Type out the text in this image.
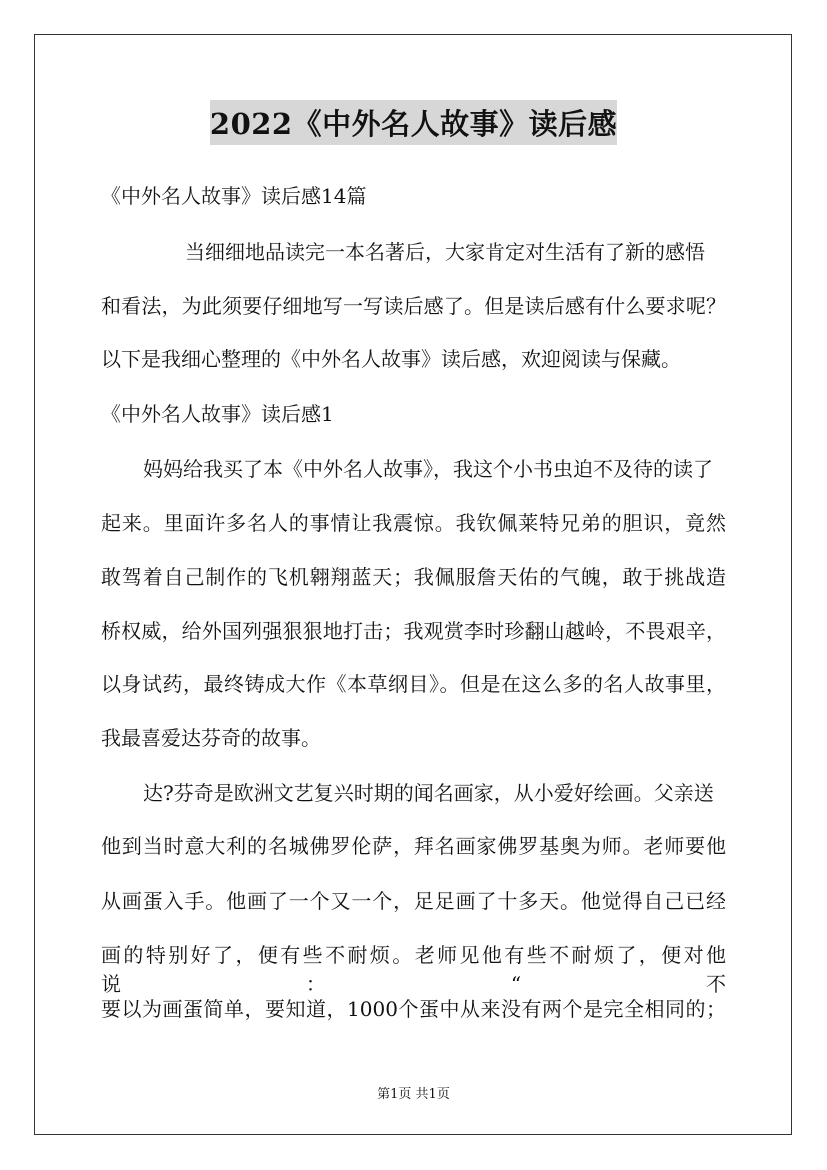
2022《中外名人故事》读后感
《中外名人故事》读后感14篇
当细细地品读完一本名著后，大家肯定对生活有了新的感悟
和看法，为此须要仔细地写一写读后感了。但是读后感有什么要求呢？
以下是我细心整理的《中外名人故事》读后感，欢迎阅读与保藏。
《中外名人故事》读后感1
妈妈给我买了本《中外名人故事》，我这个小书虫迫不及待的读了
起来。里面许多名人的事情让我震惊。我钦佩莱特兄弟的胆识，竟然
敢驾着自己制作的飞机翱翔蓝天；我佩服詹天佑的气魄，敢于挑战造
桥权威，给外国列强狠狠地打击；我观赏李时珍翻山越岭，不畏艰辛，
以身试药，最终铸成大作《本草纲目》。但是在这么多的名人故事里，
我最喜爱达芬奇的故事。
达?芬奇是欧洲文艺复兴时期的闻名画家，从小爱好绘画。父亲送
他到当时意大利的名城佛罗伦萨，拜名画家佛罗基奥为师。老师要他
从画蛋入手。他画了一个又一个，足足画了十多天。他觉得自己已经
画的特别好了，便有些不耐烦。老师见他有些不耐烦了，便对他说：“不
要以为画蛋简单，要知道，1000个蛋中从来没有两个是完全相同的；
第1页 共1页
